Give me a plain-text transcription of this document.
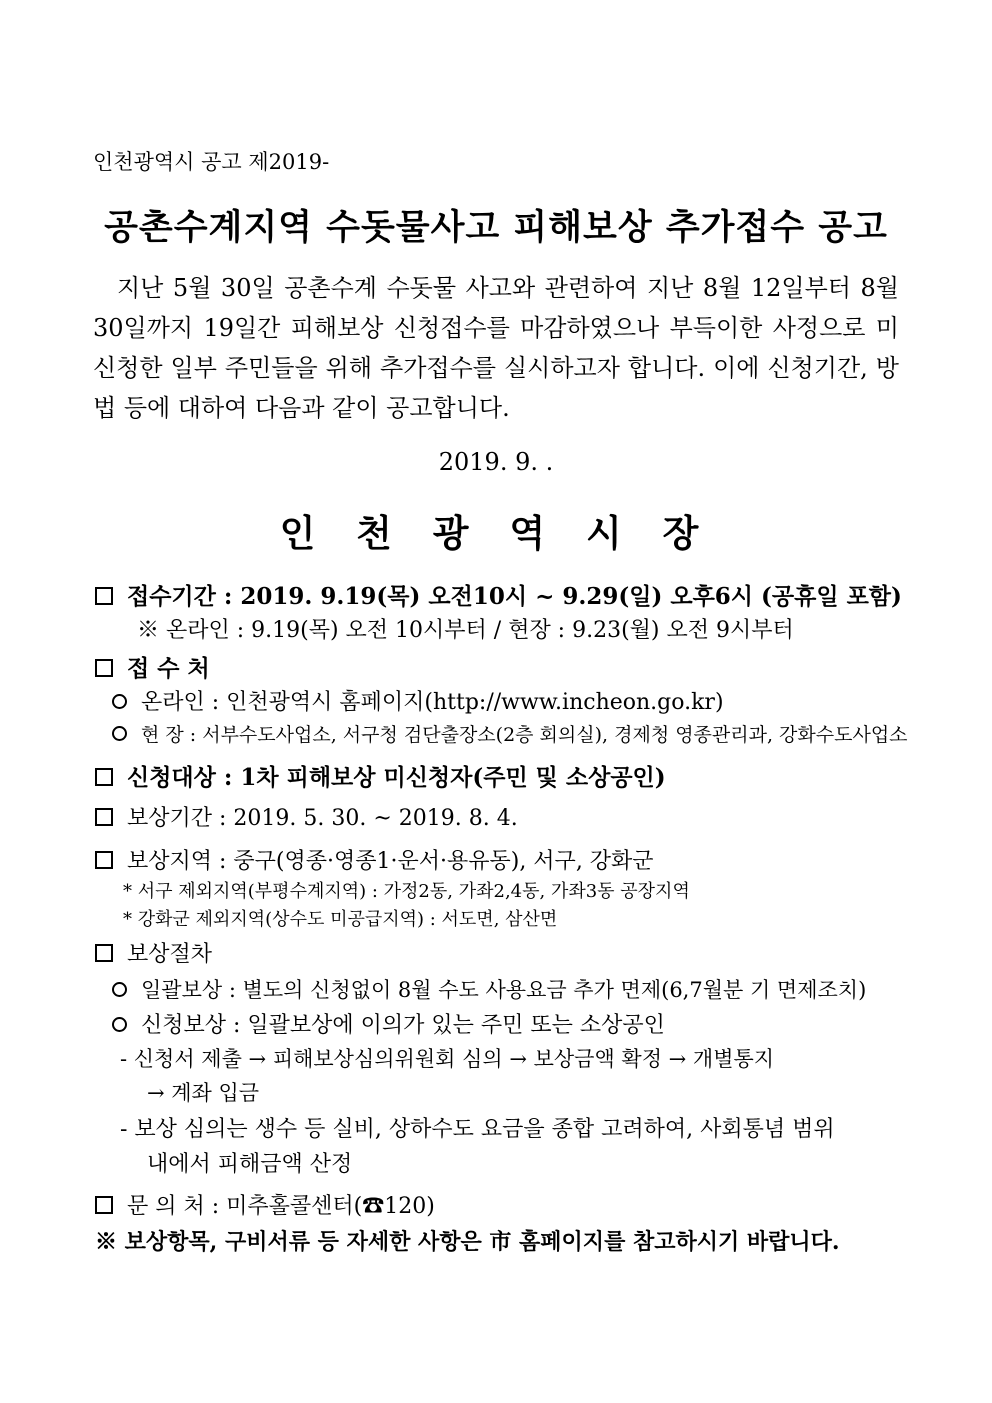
인천광역시 공고 제2019-
공촌수계지역 수돗물사고 피해보상 추가접수 공고

지난 5월 30일 공촌수계 수돗물 사고와 관련하여 지난 8월 12일부터 8월 30일까지 19일간 피해보상 신청접수를 마감하였으나 부득이한 사정으로 미신청한 일부 주민들을 위해 추가접수를 실시하고자 합니다. 이에 신청기간, 방법 등에 대하여 다음과 같이 공고합니다.

2019. 9. .
인 천 광 역 시 장
접수기간 : 2019. 9.19(목) 오전10시 ~ 9.29(일) 오후6시 (공휴일 포함)
※ 온라인 : 9.19(목) 오전 10시부터 / 현장 : 9.23(월) 오전 9시부터
접 수 처
온라인 : 인천광역시 홈페이지(http://www.incheon.go.kr)
현 장 : 서부수도사업소, 서구청 검단출장소(2층 회의실), 경제청 영종관리과, 강화수도사업소
신청대상 : 1차 피해보상 미신청자(주민 및 소상공인)
보상기간 : 2019. 5. 30. ~ 2019. 8. 4.
보상지역 : 중구(영종·영종1·운서·용유동), 서구, 강화군
* 서구 제외지역(부평수계지역) : 가정2동, 가좌2,4동, 가좌3동 공장지역
* 강화군 제외지역(상수도 미공급지역) : 서도면, 삼산면
보상절차
일괄보상 : 별도의 신청없이 8월 수도 사용요금 추가 면제(6,7월분 기 면제조치)
신청보상 : 일괄보상에 이의가 있는 주민 또는 소상공인
- 신청서 제출 → 피해보상심의위원회 심의 → 보상금액 확정 → 개별통지
→ 계좌 입금
- 보상 심의는 생수 등 실비, 상하수도 요금을 종합 고려하여, 사회통념 범위
내에서 피해금액 산정
문 의 처 : 미추홀콜센터(☎120)
※ 보상항목, 구비서류 등 자세한 사항은 市 홈페이지를 참고하시기 바랍니다.
